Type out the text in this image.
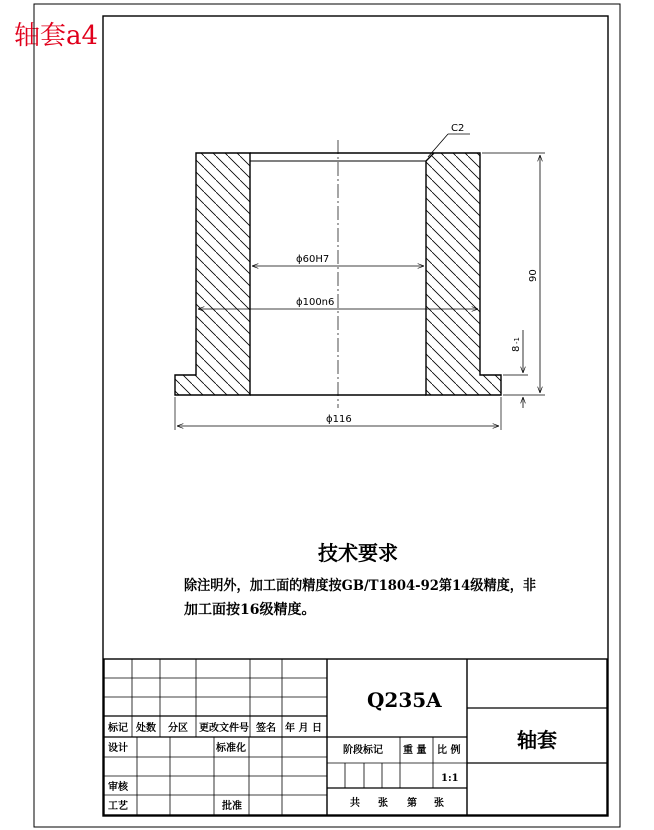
轴套a4
C2
ϕ60H7
ϕ100n6
ϕ116
90
8
-1
技术要求
除注明外，加工面的精度按GB/T1804-92第14级精度，非
加工面按16级精度。
标记 处数 分区 更改文件号 签名 年 月 日
设计	标准化
审核
工艺	批准
阶段标记 重 量 比 例
1:1
共 张 第 张
Q235A
轴套
